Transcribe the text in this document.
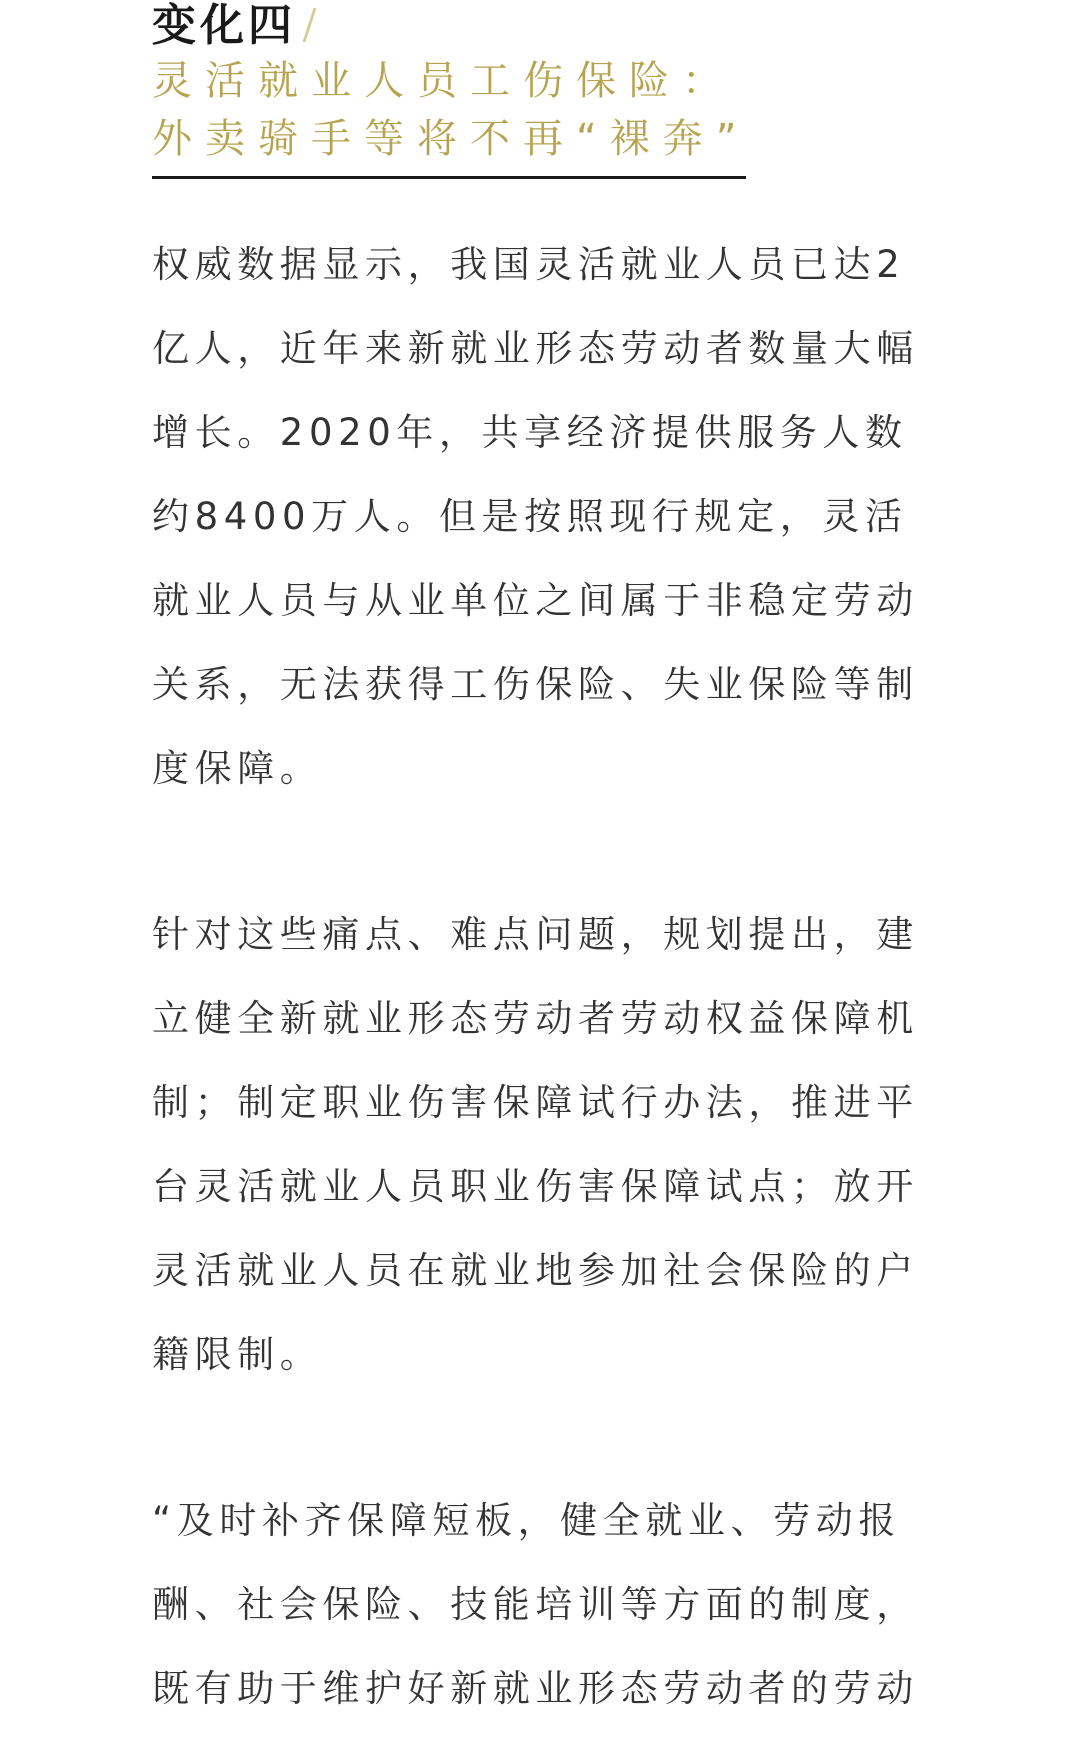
变化四
灵活就业人员工伤保险：
外卖骑手等将不再“裸奔”
权威数据显示，我国灵活就业人员已达2
亿人，近年来新就业形态劳动者数量大幅
增长。2020年，共享经济提供服务人数
约8400万人。但是按照现行规定，灵活
就业人员与从业单位之间属于非稳定劳动
关系，无法获得工伤保险、失业保险等制
度保障。
针对这些痛点、难点问题，规划提出，建
立健全新就业形态劳动者劳动权益保障机
制；制定职业伤害保障试行办法，推进平
台灵活就业人员职业伤害保障试点；放开
灵活就业人员在就业地参加社会保险的户
籍限制。
“及时补齐保障短板，健全就业、劳动报
酬、社会保险、技能培训等方面的制度，
既有助于维护好新就业形态劳动者的劳动
